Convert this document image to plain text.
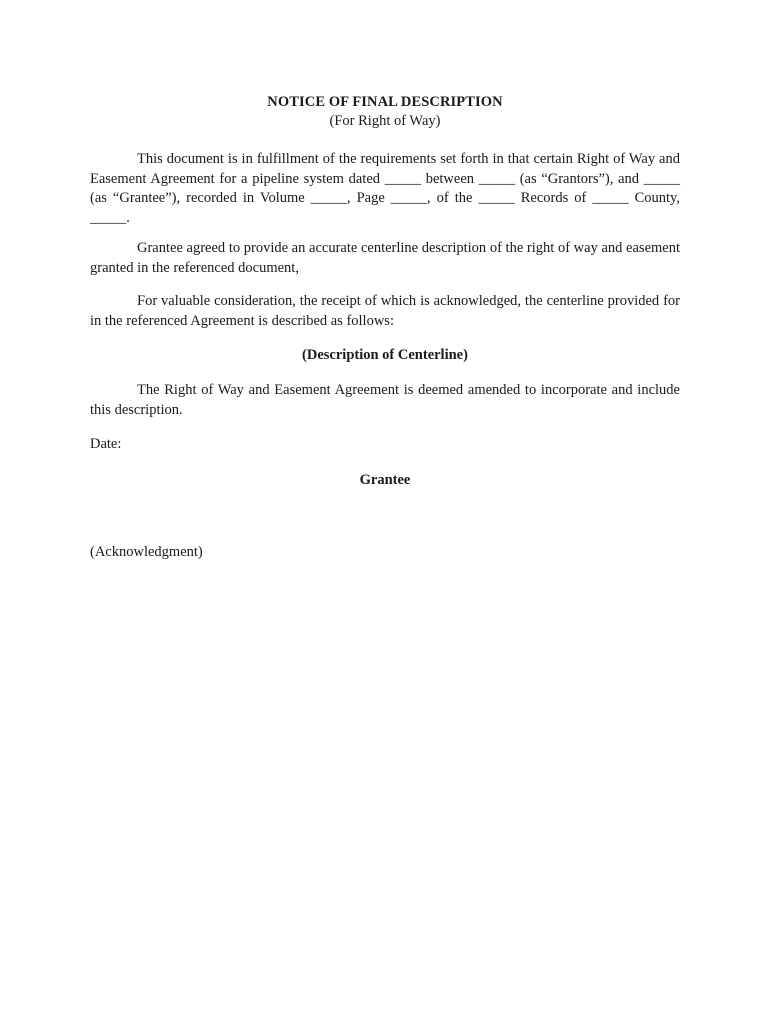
NOTICE OF FINAL DESCRIPTION
(For Right of Way)

This document is in fulfillment of the requirements set forth in that certain Right of Way and Easement Agreement for a pipeline system dated _____ between _____ (as “Grantors”), and _____ (as “Grantee”), recorded in Volume _____, Page _____, of the _____ Records of _____ County, _____.

Grantee agreed to provide an accurate centerline description of the right of way and easement granted in the referenced document,

For valuable consideration, the receipt of which is acknowledged, the centerline provided for in the referenced Agreement is described as follows:

(Description of Centerline)

The Right of Way and Easement Agreement is deemed amended to incorporate and include this description.

Date:
Grantee
(Acknowledgment)
